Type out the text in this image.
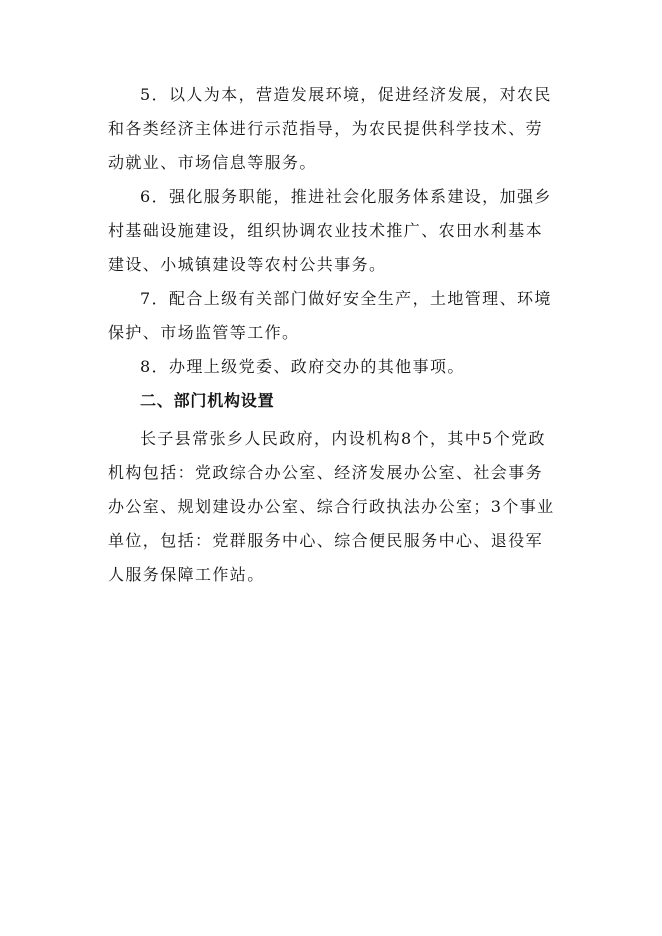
5．以人为本，营造发展环境，促进经济发展，对农民和各类经济主体进行示范指导，为农民提供科学技术、劳动就业、市场信息等服务。

6．强化服务职能，推进社会化服务体系建设，加强乡村基础设施建设，组织协调农业技术推广、农田水利基本建设、小城镇建设等农村公共事务。

7．配合上级有关部门做好安全生产，土地管理、环境保护、市场监管等工作。

8．办理上级党委、政府交办的其他事项。

二、部门机构设置

长子县常张乡人民政府，内设机构8个，其中5个党政机构包括：党政综合办公室、经济发展办公室、社会事务办公室、规划建设办公室、综合行政执法办公室；3个事业单位，包括：党群服务中心、综合便民服务中心、退役军人服务保障工作站。
